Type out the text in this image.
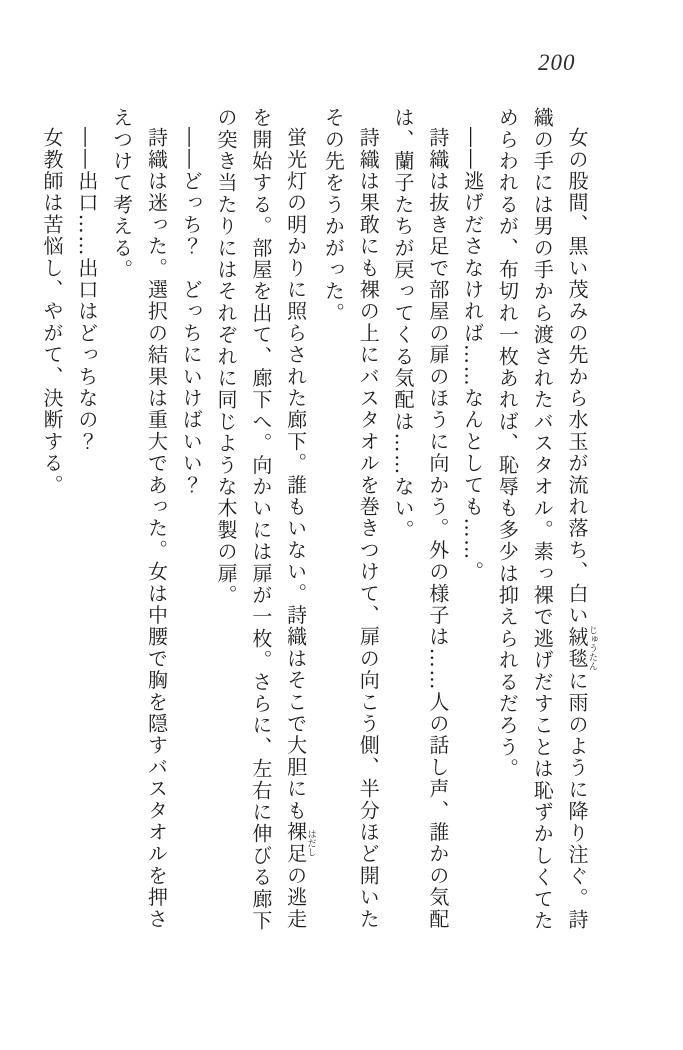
200

女の股間、黒い茂みの先から水玉が流れ落ち、白い絨毯じゅうたんに雨のように降り注ぐ。詩織の手には男の手から渡されたバスタオル。素っ裸で逃げだすことは恥ずかしくてためらわれるが、布切れ一枚あれば、恥辱も多少は抑えられるだろう。

――逃げださなければ……なんとしても……。

詩織は抜き足で部屋の扉のほうに向かう。外の様子は……人の話し声、誰かの気配は、蘭子たちが戻ってくる気配は……ない。

詩織は果敢にも裸の上にバスタオルを巻きつけて、扉の向こう側、半分ほど開いたその先をうかがった。

蛍光灯の明かりに照らされた廊下。誰もいない。詩織はそこで大胆にも裸足はだしの逃走を開始する。部屋を出て、廊下へ。向かいには扉が一枚。さらに、左右に伸びる廊下の突き当たりにはそれぞれに同じような木製の扉。

――どっち？　どっちにいけばいい？

詩織は迷った。選択の結果は重大であった。女は中腰で胸を隠すバスタオルを押さえつけて考える。

――出口……出口はどっちなの？

女教師は苦悩し、やがて、決断する。
